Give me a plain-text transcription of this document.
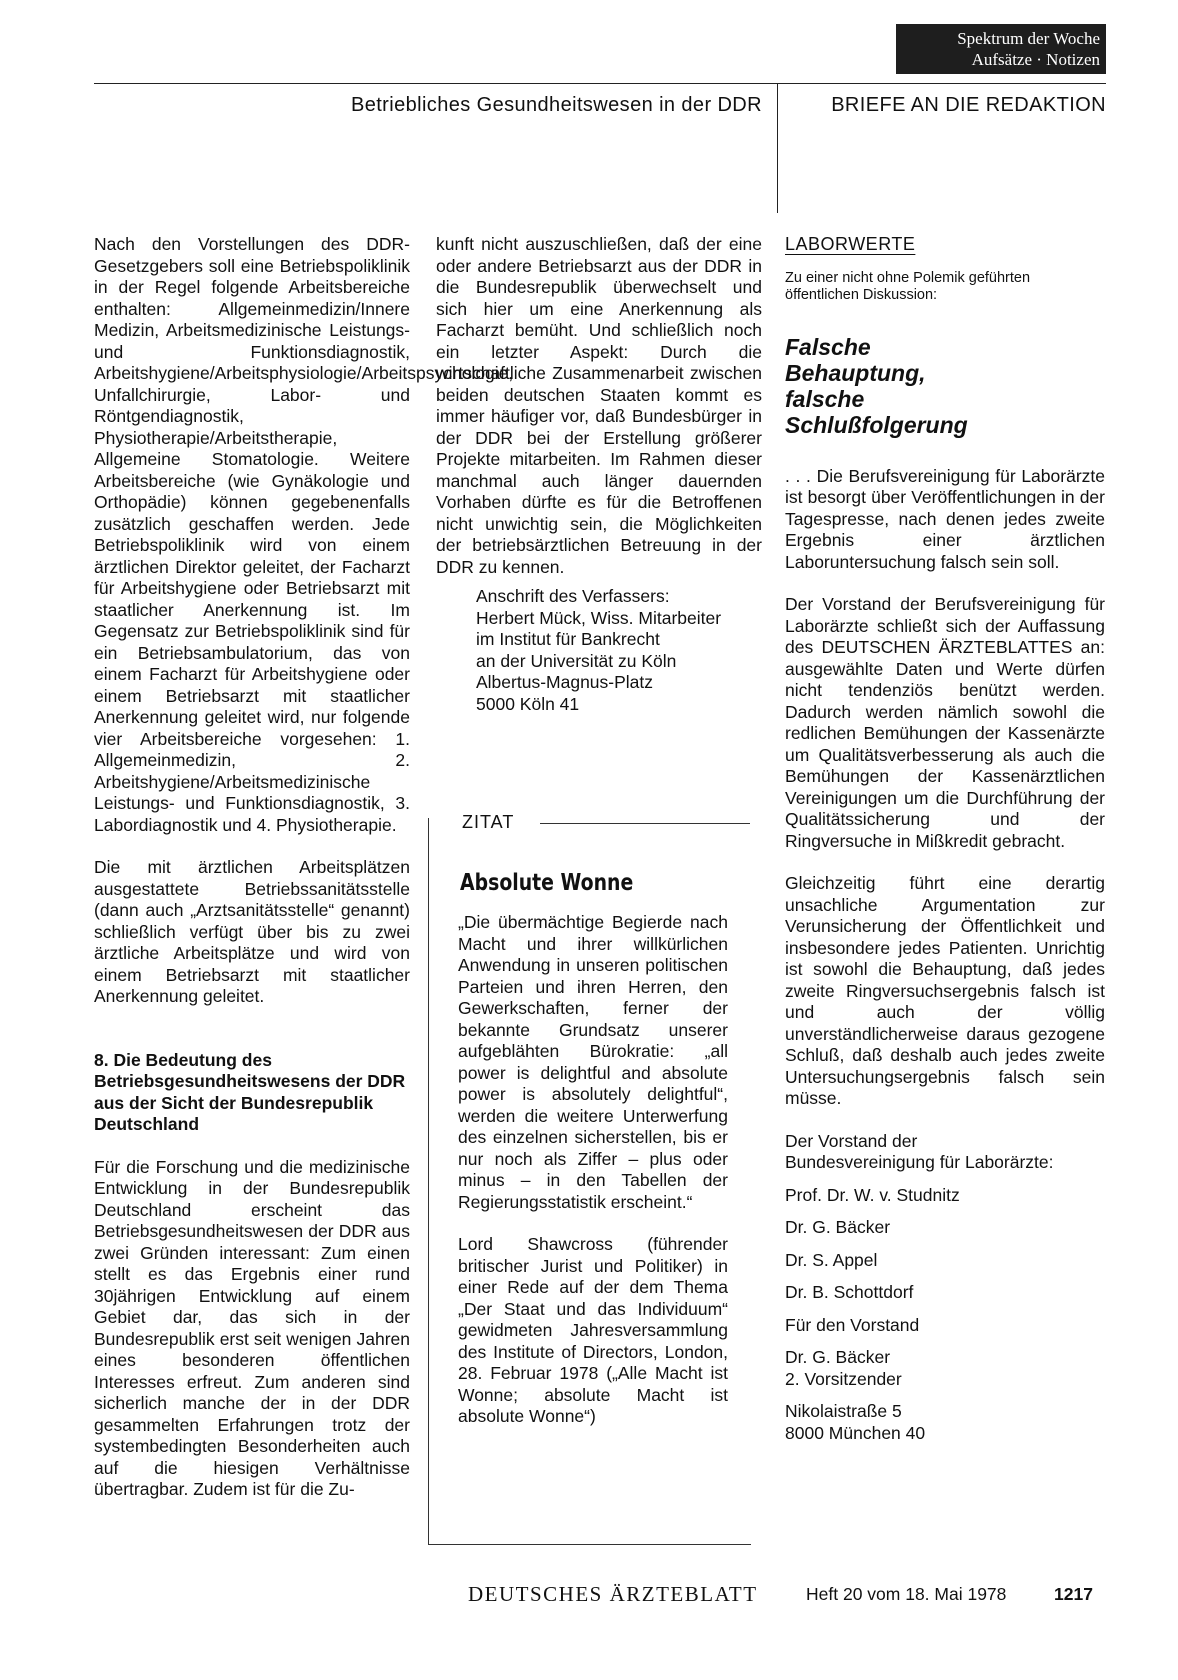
Spektrum der Woche
Aufsätze · Notizen
Betriebliches Gesundheitswesen in der DDR	BRIEFE AN DIE REDAKTION

Nach den Vorstellungen des DDR-Gesetzgebers soll eine Betriebspoliklinik in der Regel folgende Arbeitsbereiche enthalten: Allgemeinmedizin/Innere Medizin, Arbeitsmedizinische Leistungs- und Funktionsdiagnostik, Arbeitshygiene/Arbeitsphysiologie/Arbeitspsychologie, Unfallchirurgie, Labor- und Röntgendiagnostik, Physiotherapie/Arbeitstherapie, Allgemeine Stomatologie. Weitere Arbeitsbereiche (wie Gynäkologie und Orthopädie) können gegebenenfalls zusätzlich geschaffen werden. Jede Betriebspoliklinik wird von einem ärztlichen Direktor geleitet, der Facharzt für Arbeitshygiene oder Betriebsarzt mit staatlicher Anerkennung ist. Im Gegensatz zur Betriebspoliklinik sind für ein Betriebsambulatorium, das von einem Facharzt für Arbeitshygiene oder einem Betriebsarzt mit staatlicher Anerkennung geleitet wird, nur folgende vier Arbeitsbereiche vorgesehen: 1. Allgemeinmedizin, 2. Arbeitshygiene/Arbeitsmedizinische Leistungs- und Funktionsdiagnostik, 3. Labordiagnostik und 4. Physiotherapie.

Die mit ärztlichen Arbeitsplätzen ausgestattete Betriebssanitätsstelle (dann auch „Arztsanitätsstelle“ genannt) schließlich verfügt über bis zu zwei ärztliche Arbeitsplätze und wird von einem Betriebsarzt mit staatlicher Anerkennung geleitet.

8. Die Bedeutung des Betriebsgesundheitswesens der DDR aus der Sicht der Bundesrepublik Deutschland

Für die Forschung und die medizinische Entwicklung in der Bundesrepublik Deutschland erscheint das Betriebsgesundheitswesen der DDR aus zwei Gründen interessant: Zum einen stellt es das Ergebnis einer rund 30jährigen Entwicklung auf einem Gebiet dar, das sich in der Bundesrepublik erst seit wenigen Jahren eines besonderen öffentlichen Interesses erfreut. Zum anderen sind sicherlich manche der in der DDR gesammelten Erfahrungen trotz der systembedingten Besonderheiten auch auf die hiesigen Verhältnisse übertragbar. Zudem ist für die Zu-

kunft nicht auszuschließen, daß der eine oder andere Betriebsarzt aus der DDR in die Bundesrepublik überwechselt und sich hier um eine Anerkennung als Facharzt bemüht. Und schließlich noch ein letzter Aspekt: Durch die wirtschaftliche Zusammenarbeit zwischen beiden deutschen Staaten kommt es immer häufiger vor, daß Bundesbürger in der DDR bei der Erstellung größerer Projekte mitarbeiten. Im Rahmen dieser manchmal auch länger dauernden Vorhaben dürfte es für die Betroffenen nicht unwichtig sein, die Möglichkeiten der betriebsärztlichen Betreuung in der DDR zu kennen.

Anschrift des Verfassers:
Herbert Mück, Wiss. Mitarbeiter
im Institut für Bankrecht
an der Universität zu Köln
Albertus-Magnus-Platz
5000 Köln 41
ZITAT
Absolute Wonne

„Die übermächtige Begierde nach Macht und ihrer willkürlichen Anwendung in unseren politischen Parteien und ihren Herren, den Gewerkschaften, ferner der bekannte Grundsatz unserer aufgeblähten Bürokratie: „all power is delightful and absolute power is absolutely delightful“, werden die weitere Unterwerfung des einzelnen sicherstellen, bis er nur noch als Ziffer – plus oder minus – in den Tabellen der Regierungsstatistik erscheint.“

Lord Shawcross (führender britischer Jurist und Politiker) in einer Rede auf der dem Thema „Der Staat und das Individuum“ gewidmeten Jahresversammlung des Institute of Directors, London, 28. Februar 1978 („Alle Macht ist Wonne; absolute Macht ist absolute Wonne“)

LABORWERTE
Zu einer nicht ohne Polemik geführten öffentlichen Diskussion:
Falsche
Behauptung,
falsche
Schlußfolgerung

. . . Die Berufsvereinigung für Laborärzte ist besorgt über Veröffentlichungen in der Tagespresse, nach denen jedes zweite Ergebnis einer ärztlichen Laboruntersuchung falsch sein soll.

Der Vorstand der Berufsvereinigung für Laborärzte schließt sich der Auffassung des DEUTSCHEN ÄRZTEBLATTES an: ausgewählte Daten und Werte dürfen nicht tendenziös benützt werden. Dadurch werden nämlich sowohl die redlichen Bemühungen der Kassenärzte um Qualitätsverbesserung als auch die Bemühungen der Kassenärztlichen Vereinigungen um die Durchführung der Qualitätssicherung und der Ringversuche in Mißkredit gebracht.

Gleichzeitig führt eine derartig unsachliche Argumentation zur Verunsicherung der Öffentlichkeit und insbesondere jedes Patienten. Unrichtig ist sowohl die Behauptung, daß jedes zweite Ringversuchsergebnis falsch ist und auch der völlig unverständlicherweise daraus gezogene Schluß, daß deshalb auch jedes zweite Untersuchungsergebnis falsch sein müsse.

Der Vorstand der

Bundesvereinigung für Laborärzte:

Prof. Dr. W. v. Studnitz

Dr. G. Bäcker

Dr. S. Appel

Dr. B. Schottdorf

Für den Vorstand

Dr. G. Bäcker

2. Vorsitzender

Nikolaistraße 5

8000 München 40

DEUTSCHES ÄRZTEBLATT	Heft 20 vom 18. Mai 1978	1217
